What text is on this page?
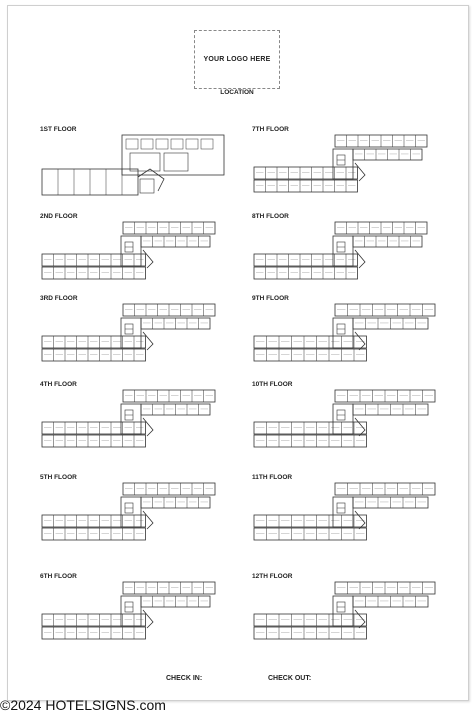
YOUR LOGO HERE
LOCATION
1ST FLOOR
2ND FLOOR
3RD FLOOR
4TH FLOOR
5TH FLOOR
6TH FLOOR
7TH FLOOR
8TH FLOOR
9TH FLOOR
10TH FLOOR
11TH FLOOR
12TH FLOOR
CHECK IN:	CHECK OUT:
©2024 HOTELSIGNS.com
